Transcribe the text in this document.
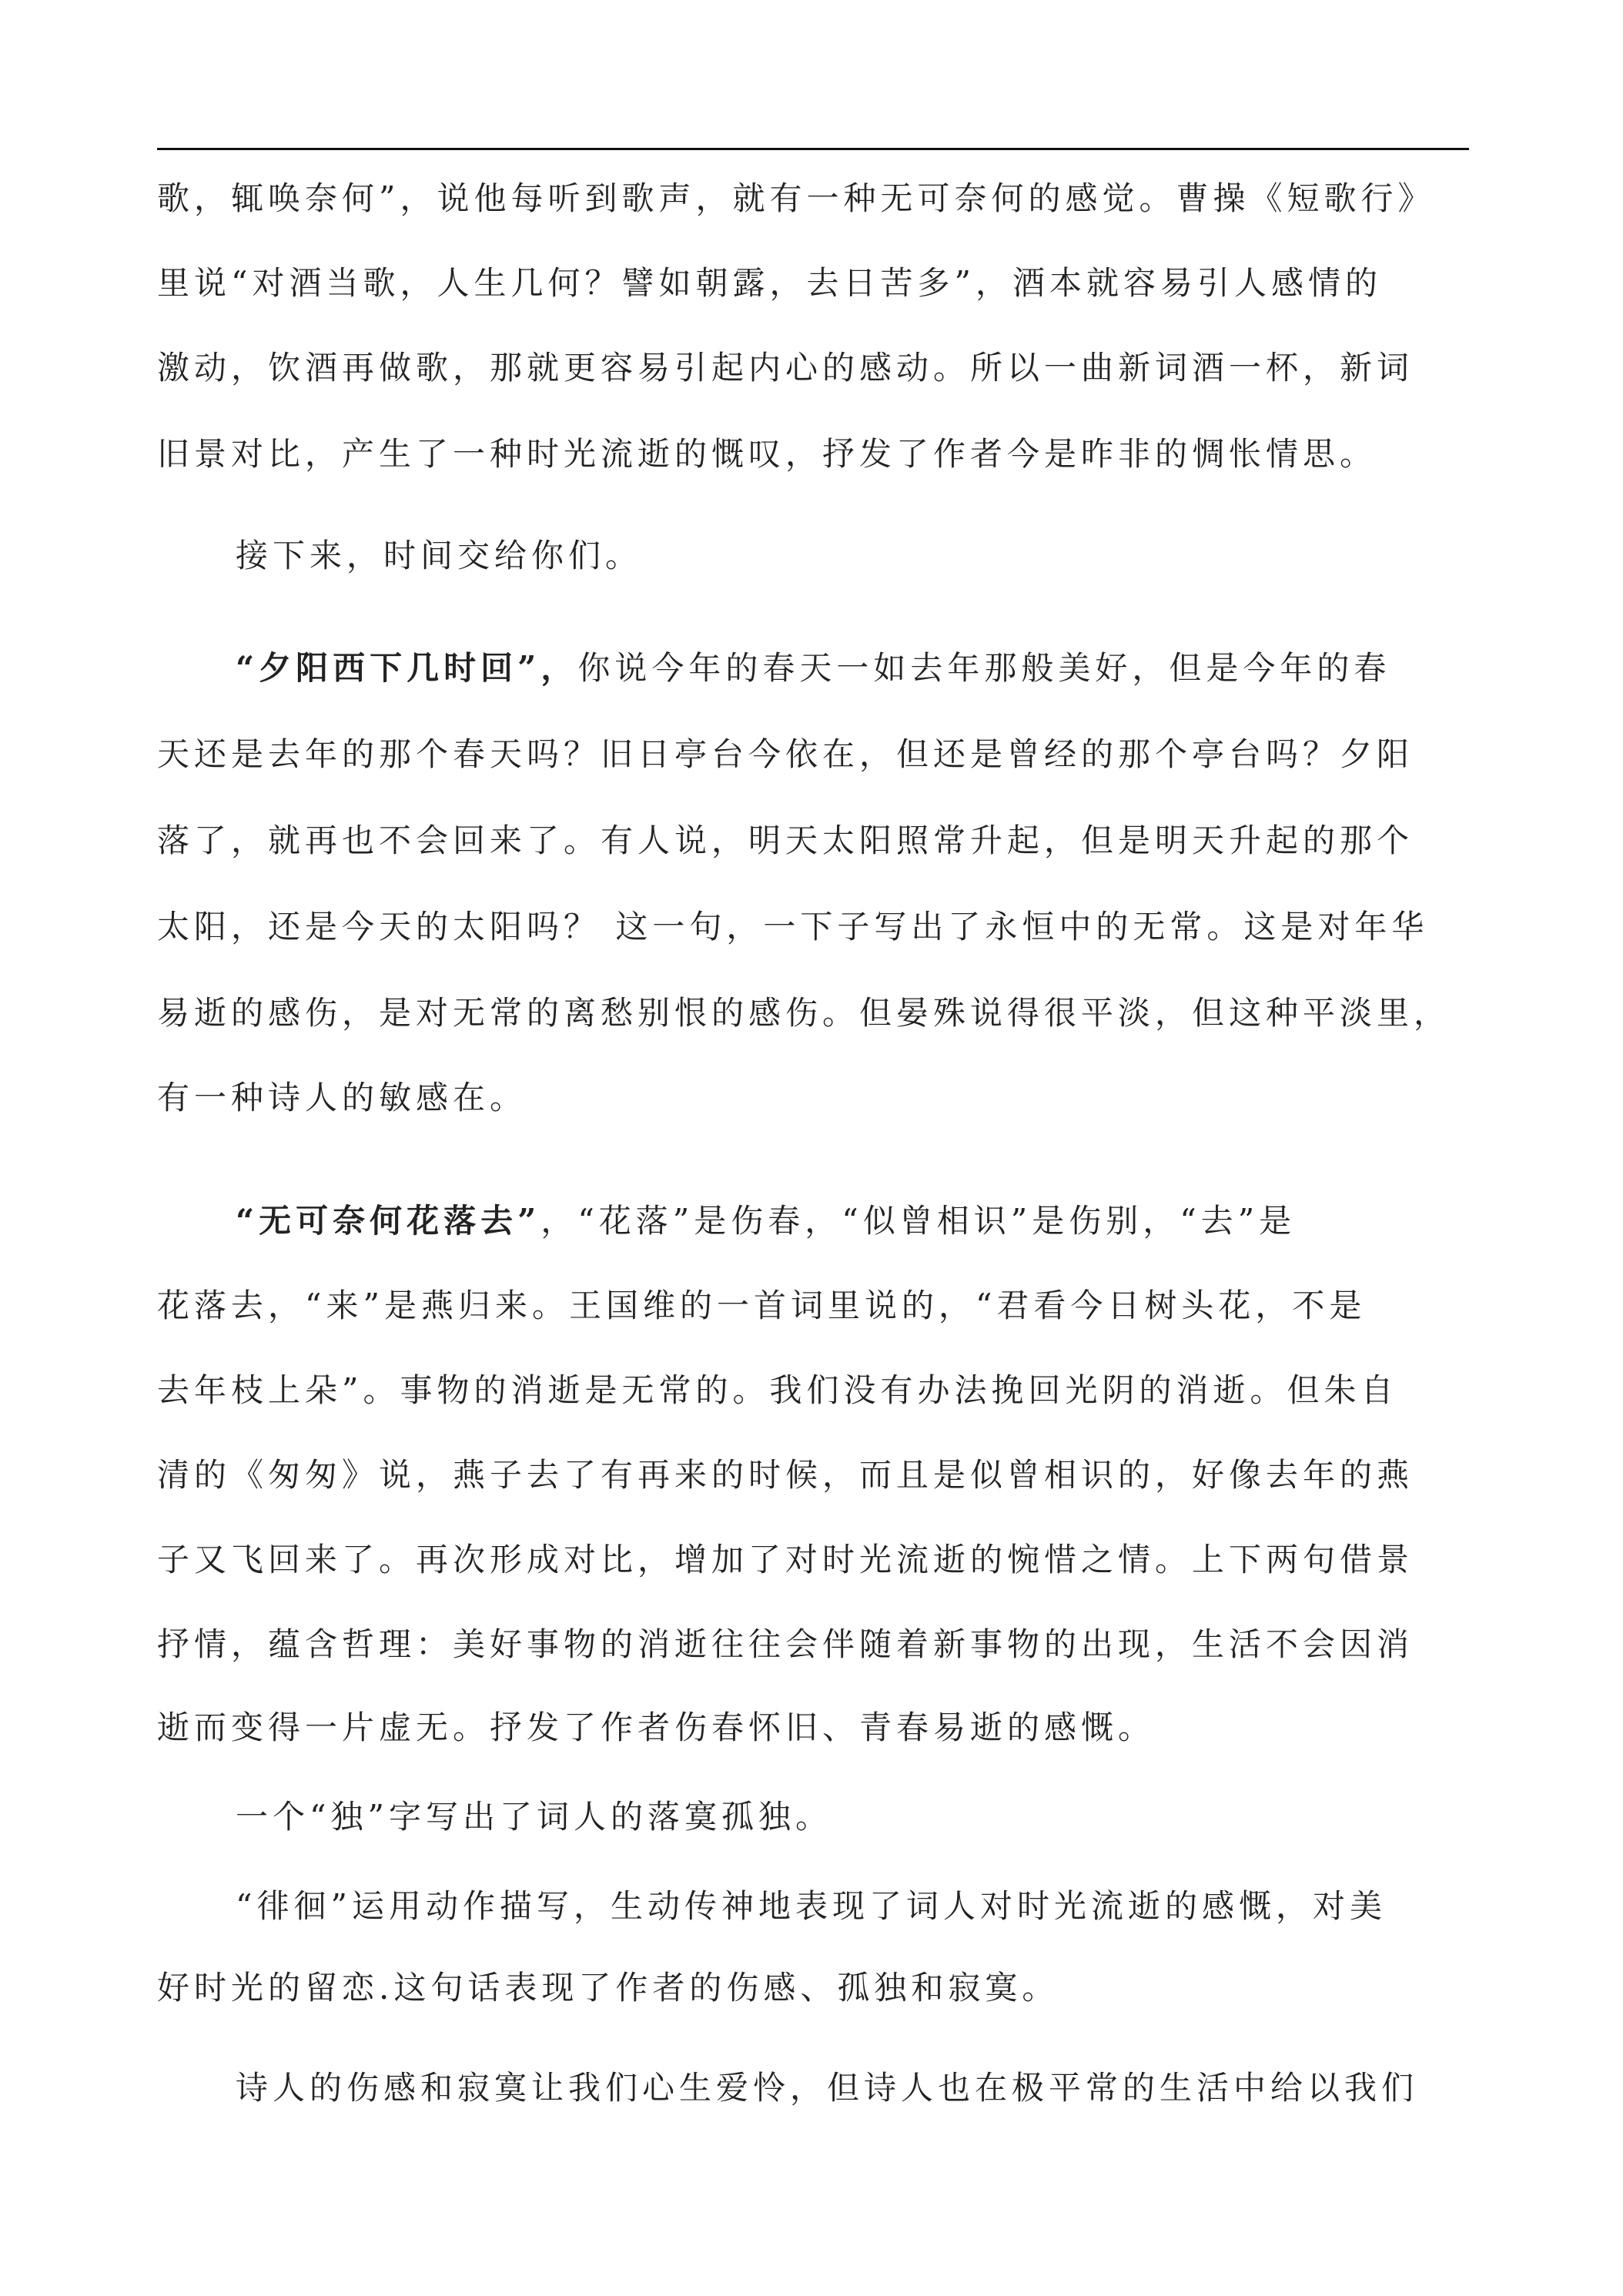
歌，辄唤奈何”，说他每听到歌声，就有一种无可奈何的感觉。曹操《短歌行》
里说“对酒当歌，人生几何？譬如朝露，去日苦多”，酒本就容易引人感情的
激动，饮酒再做歌，那就更容易引起内心的感动。所以一曲新词酒一杯，新词
旧景对比，产生了一种时光流逝的慨叹，抒发了作者今是昨非的惆怅情思。
接下来，时间交给你们。
“夕阳西下几时回”，你说今年的春天一如去年那般美好，但是今年的春
天还是去年的那个春天吗？旧日亭台今依在，但还是曾经的那个亭台吗？夕阳
落了，就再也不会回来了。有人说，明天太阳照常升起，但是明天升起的那个
太阳，还是今天的太阳吗？ 这一句，一下子写出了永恒中的无常。这是对年华
易逝的感伤，是对无常的离愁别恨的感伤。但晏殊说得很平淡，但这种平淡里，
有一种诗人的敏感在。
“无可奈何花落去”，“花落”是伤春，“似曾相识”是伤别，“去”是
花落去，“来”是燕归来。王国维的一首词里说的，“君看今日树头花，不是
去年枝上朵”。事物的消逝是无常的。我们没有办法挽回光阴的消逝。但朱自
清的《匆匆》说，燕子去了有再来的时候，而且是似曾相识的，好像去年的燕
子又飞回来了。再次形成对比，增加了对时光流逝的惋惜之情。上下两句借景
抒情，蕴含哲理：美好事物的消逝往往会伴随着新事物的出现，生活不会因消
逝而变得一片虚无。抒发了作者伤春怀旧、青春易逝的感慨。
一个“独”字写出了词人的落寞孤独。
“徘徊”运用动作描写，生动传神地表现了词人对时光流逝的感慨，对美
好时光的留恋.这句话表现了作者的伤感、孤独和寂寞。
诗人的伤感和寂寞让我们心生爱怜，但诗人也在极平常的生活中给以我们
